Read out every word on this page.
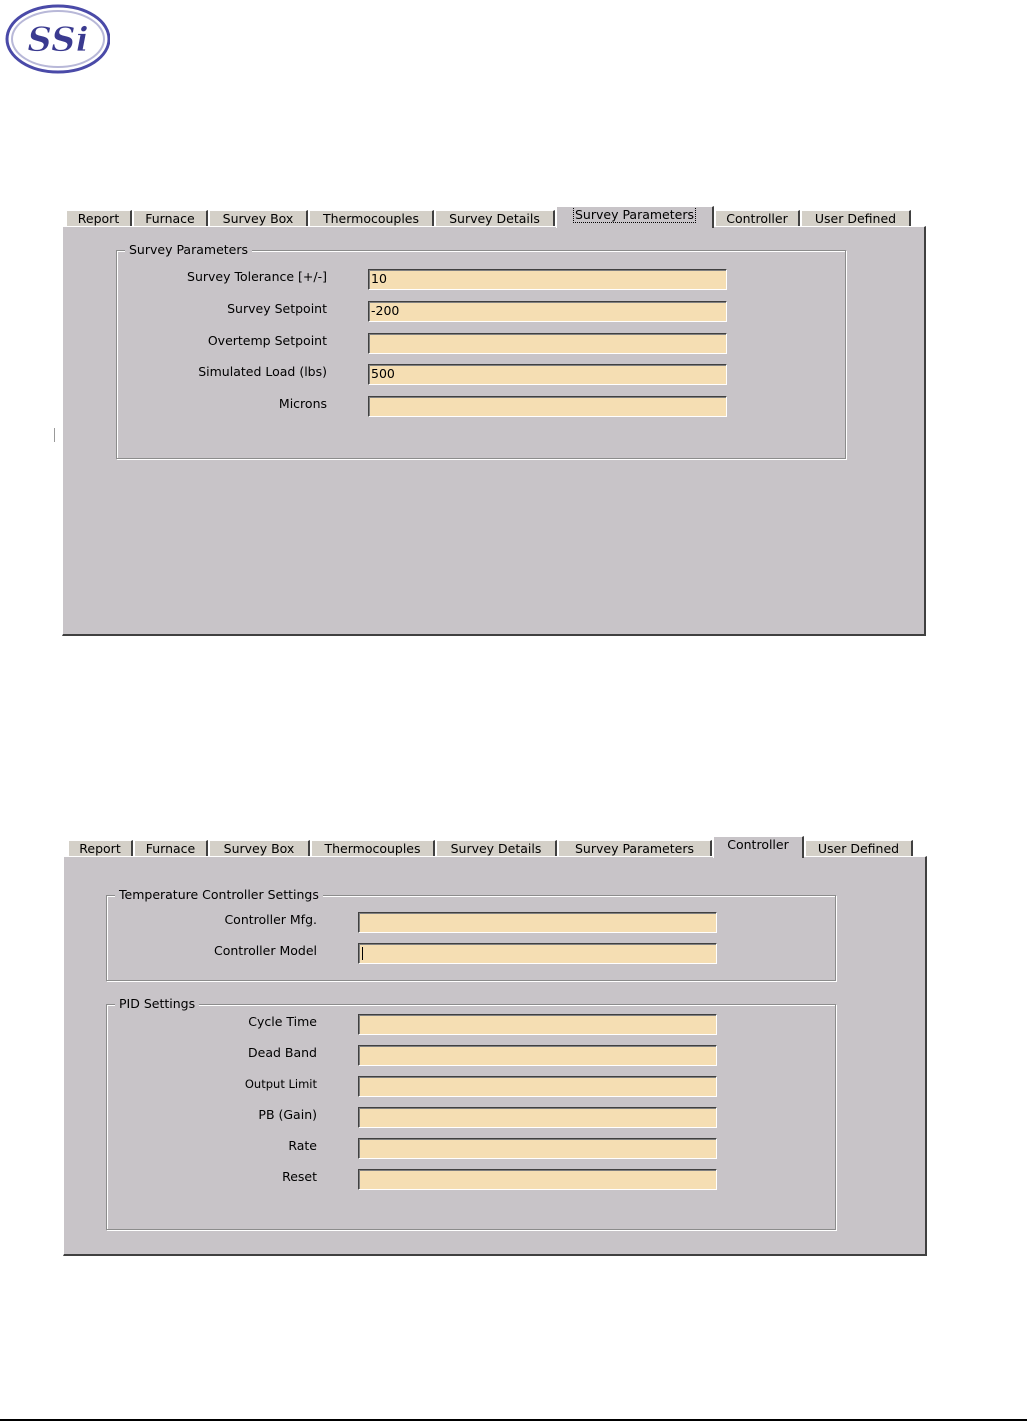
SSi
Report	Furnace	Survey Box	Thermocouples	Survey Details	Survey Parameters	Controller	User Defined
Survey Parameters
Survey Tolerance [+/-]	10
Survey Setpoint	-200
Overtemp Setpoint
Simulated Load (lbs)	500
Microns
Report	Furnace	Survey Box	Thermocouples	Survey Details	Survey Parameters	Controller	User Defined
Temperature Controller Settings
Controller Mfg.
Controller Model
PID Settings
Cycle Time
Dead Band
Output Limit
PB (Gain)
Rate
Reset
